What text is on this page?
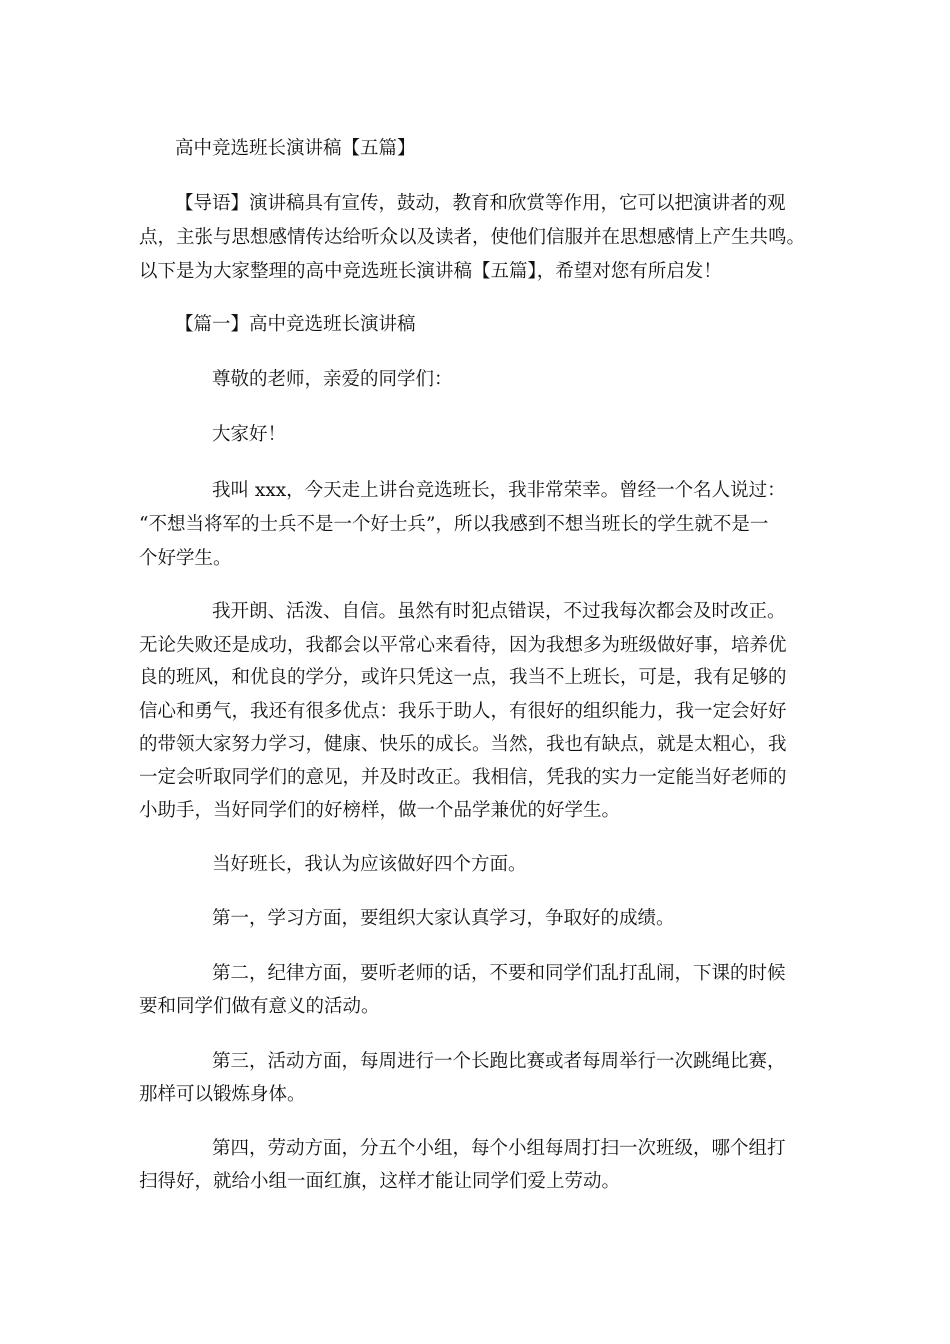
高中竞选班长演讲稿【五篇】
【导语】演讲稿具有宣传，鼓动，教育和欣赏等作用，它可以把演讲者的观
点，主张与思想感情传达给听众以及读者，使他们信服并在思想感情上产生共鸣。
以下是为大家整理的高中竞选班长演讲稿【五篇】，希望对您有所启发！
【篇一】高中竞选班长演讲稿
尊敬的老师，亲爱的同学们：
大家好！
我叫 xxx，今天走上讲台竞选班长，我非常荣幸。曾经一个名人说过：
“不想当将军的士兵不是一个好士兵”，所以我感到不想当班长的学生就不是一
个好学生。
我开朗、活泼、自信。虽然有时犯点错误，不过我每次都会及时改正。
无论失败还是成功，我都会以平常心来看待，因为我想多为班级做好事，培养优
良的班风，和优良的学分，或许只凭这一点，我当不上班长，可是，我有足够的
信心和勇气，我还有很多优点：我乐于助人，有很好的组织能力，我一定会好好
的带领大家努力学习，健康、快乐的成长。当然，我也有缺点，就是太粗心，我
一定会听取同学们的意见，并及时改正。我相信，凭我的实力一定能当好老师的
小助手，当好同学们的好榜样，做一个品学兼优的好学生。
当好班长，我认为应该做好四个方面。
第一，学习方面，要组织大家认真学习，争取好的成绩。
第二，纪律方面，要听老师的话，不要和同学们乱打乱闹，下课的时候
要和同学们做有意义的活动。
第三，活动方面，每周进行一个长跑比赛或者每周举行一次跳绳比赛，
那样可以锻炼身体。
第四，劳动方面，分五个小组，每个小组每周打扫一次班级，哪个组打
扫得好，就给小组一面红旗，这样才能让同学们爱上劳动。
